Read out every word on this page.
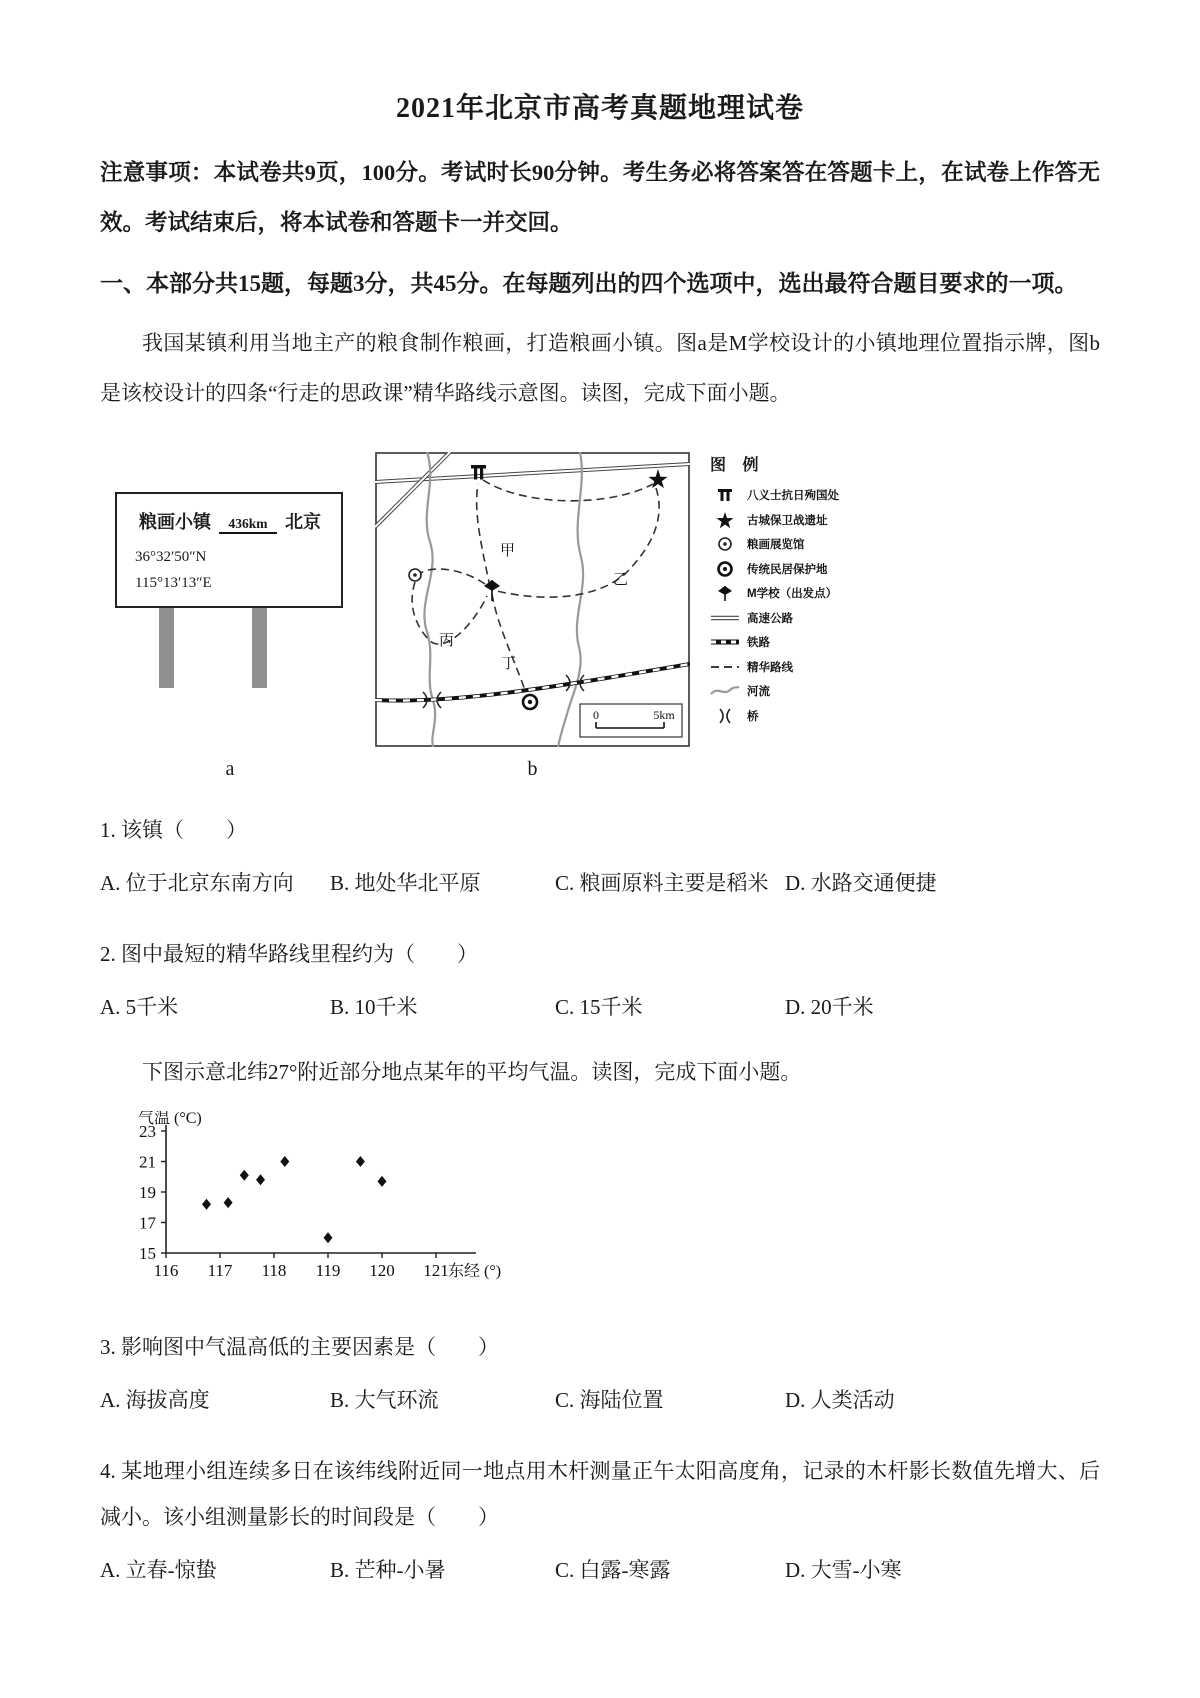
2021年北京市高考真题地理试卷
注意事项：本试卷共9页，100分。考试时长90分钟。考生务必将答案答在答题卡上，在试卷上作答无效。考试结束后，将本试卷和答题卡一并交回。
一、本部分共15题，每题3分，共45分。在每题列出的四个选项中，选出最符合题目要求的一项。
我国某镇利用当地主产的粮食制作粮画，打造粮画小镇。图a是M学校设计的小镇地理位置指示牌，图b是该校设计的四条“行走的思政课”精华路线示意图。读图，完成下面小题。
粮画小镇 436km 北京
36°32′50″N
115°13′13″E
甲
乙
丙
丁
0	5km
图 例
八义士抗日殉国处
古城保卫战遗址
粮画展览馆
传统民居保护地
M学校（出发点）
高速公路
铁路
精华路线
河流
桥
a	b
1. 该镇（　　）
A. 位于北京东南方向	B. 地处华北平原	C. 粮画原料主要是稻米 D. 水路交通便捷
2. 图中最短的精华路线里程约为（　　）
A. 5千米	B. 10千米	C. 15千米	D. 20千米
下图示意北纬27°附近部分地点某年的平均气温。读图，完成下面小题。
15
17
19
21
23
116 117 118 119 120 121
气温 (°C)
东经 (°)
3. 影响图中气温高低的主要因素是（　　）
A. 海拔高度	B. 大气环流	C. 海陆位置	D. 人类活动
4. 某地理小组连续多日在该纬线附近同一地点用木杆测量正午太阳高度角，记录的木杆影长数值先增大、后减小。该小组测量影长的时间段是（　　）
A. 立春-惊蛰	B. 芒种-小暑	C. 白露-寒露	D. 大雪-小寒
